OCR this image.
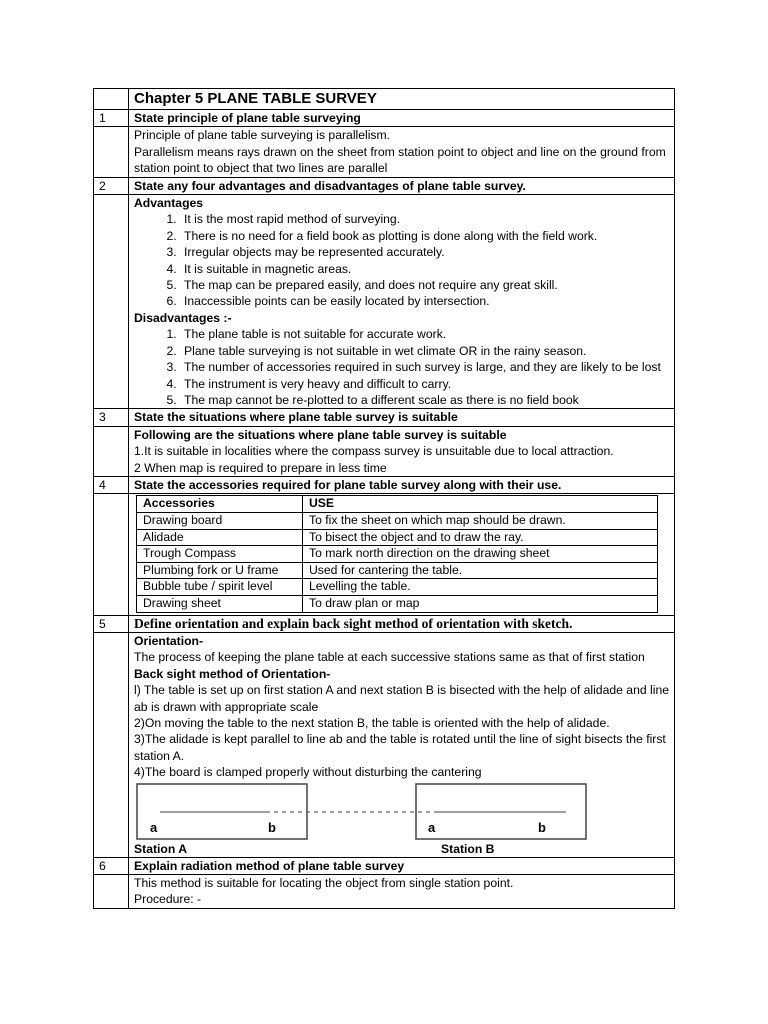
	Chapter 5 PLANE TABLE SURVEY
1	State principle of plane table surveying

Principle of plane table surveying is parallelism.
Parallelism means rays drawn on the sheet from station point to object and line on the ground from station point to object that two lines are parallel

2	State any four advantages and disadvantages of plane table survey.

Advantages
1. It is the most rapid method of surveying.
2. There is no need for a field book as plotting is done along with the field work.
3. Irregular objects may be represented accurately.
4. It is suitable in magnetic areas.
5. The map can be prepared easily, and does not require any great skill.
6. Inaccessible points can be easily located by intersection.
Disadvantages :-
1. The plane table is not suitable for accurate work.
2. Plane table surveying is not suitable in wet climate OR in the rainy season.
3. The number of accessories required in such survey is large, and they are likely to be lost
4. The instrument is very heavy and difficult to carry.
5. The map cannot be re-plotted to a different scale as there is no field book

3	State the situations where plane table survey is suitable

Following are the situations where plane table survey is suitable
1.It is suitable in localities where the compass survey is unsuitable due to local attraction.
2 When map is required to prepare in less time

4	State the accessories required for plane table survey along with their use.

Accessories	USE
Drawing board	To fix the sheet on which map should be drawn.
Alidade	To bisect the object and to draw the ray.
Trough Compass	To mark north direction on the drawing sheet
Plumbing fork or U frame	Used for cantering the table.
Bubble tube / spirit level	Levelling the table.
Drawing sheet	To draw plan or map

5	Define orientation and explain back sight method of orientation with sketch.

Orientation-
The process of keeping the plane table at each successive stations same as that of first station
Back sight method of Orientation-
l) The table is set up on first station A and next station B is bisected with the help of alidade and line ab is drawn with appropriate scale
2)On moving the table to the next station B, the table is oriented with the help of alidade.
3)The alidade is kept parallel to line ab and the table is rotated until the line of sight bisects the first station A.
4)The board is clamped properly without disturbing the cantering
a	b	a	b
Station A	Station B

6	Explain radiation method of plane table survey

This method is suitable for locating the object from single station point.
Procedure: -
